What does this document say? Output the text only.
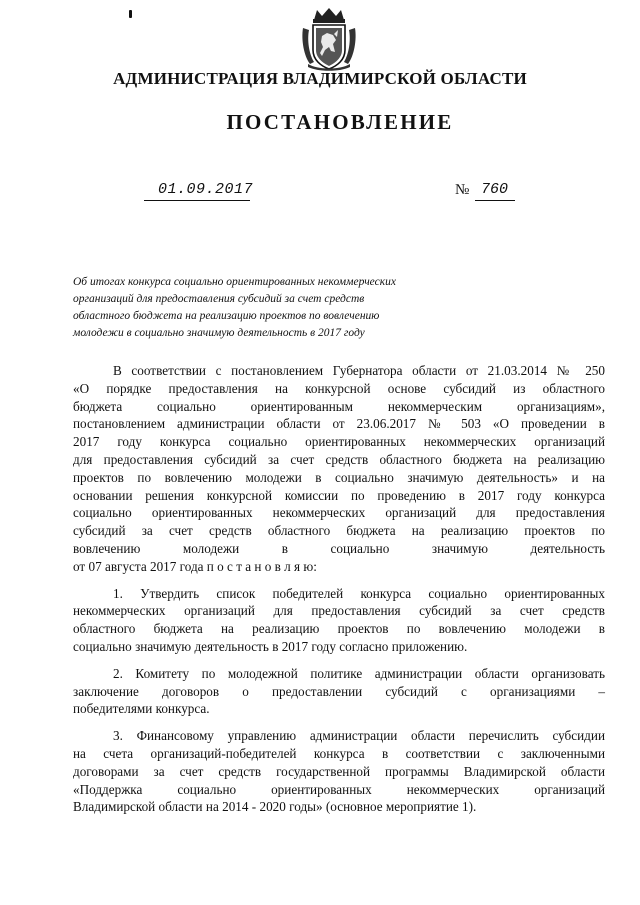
АДМИНИСТРАЦИЯ ВЛАДИМИРСКОЙ ОБЛАСТИ
ПОСТАНОВЛЕНИЕ
01.09.2017	№ 760
Об итогах конкурса социально ориентированных некоммерческих
организаций для предоставления субсидий за счет средств
областного бюджета на реализацию проектов по вовлечению
молодежи в социально значимую деятельность в 2017 году

В соответствии с постановлением Губернатора области от 21.03.2014 № 250
«О порядке предоставления на конкурсной основе субсидий из областного
бюджета социально ориентированным некоммерческим организациям»,
постановлением администрации области от 23.06.2017 № 503 «О проведении в
2017 году конкурса социально ориентированных некоммерческих организаций
для предоставления субсидий за счет средств областного бюджета на реализацию
проектов по вовлечению молодежи в социально значимую деятельность» и на
основании решения конкурсной комиссии по проведению в 2017 году конкурса
социально ориентированных некоммерческих организаций для предоставления
субсидий за счет средств областного бюджета на реализацию проектов по
вовлечению молодежи в социально значимую деятельность
от 07 августа 2017 года п о с т а н о в л я ю:

1. Утвердить список победителей конкурса социально ориентированных
некоммерческих организаций для предоставления субсидий за счет средств
областного бюджета на реализацию проектов по вовлечению молодежи в
социально значимую деятельность в 2017 году согласно приложению.

2. Комитету по молодежной политике администрации области организовать
заключение договоров о предоставлении субсидий с организациями –
победителями конкурса.

3. Финансовому управлению администрации области перечислить субсидии
на счета организаций-победителей конкурса в соответствии с заключенными
договорами за счет средств государственной программы Владимирской области
«Поддержка социально ориентированных некоммерческих организаций
Владимирской области на 2014 - 2020 годы» (основное мероприятие 1).
